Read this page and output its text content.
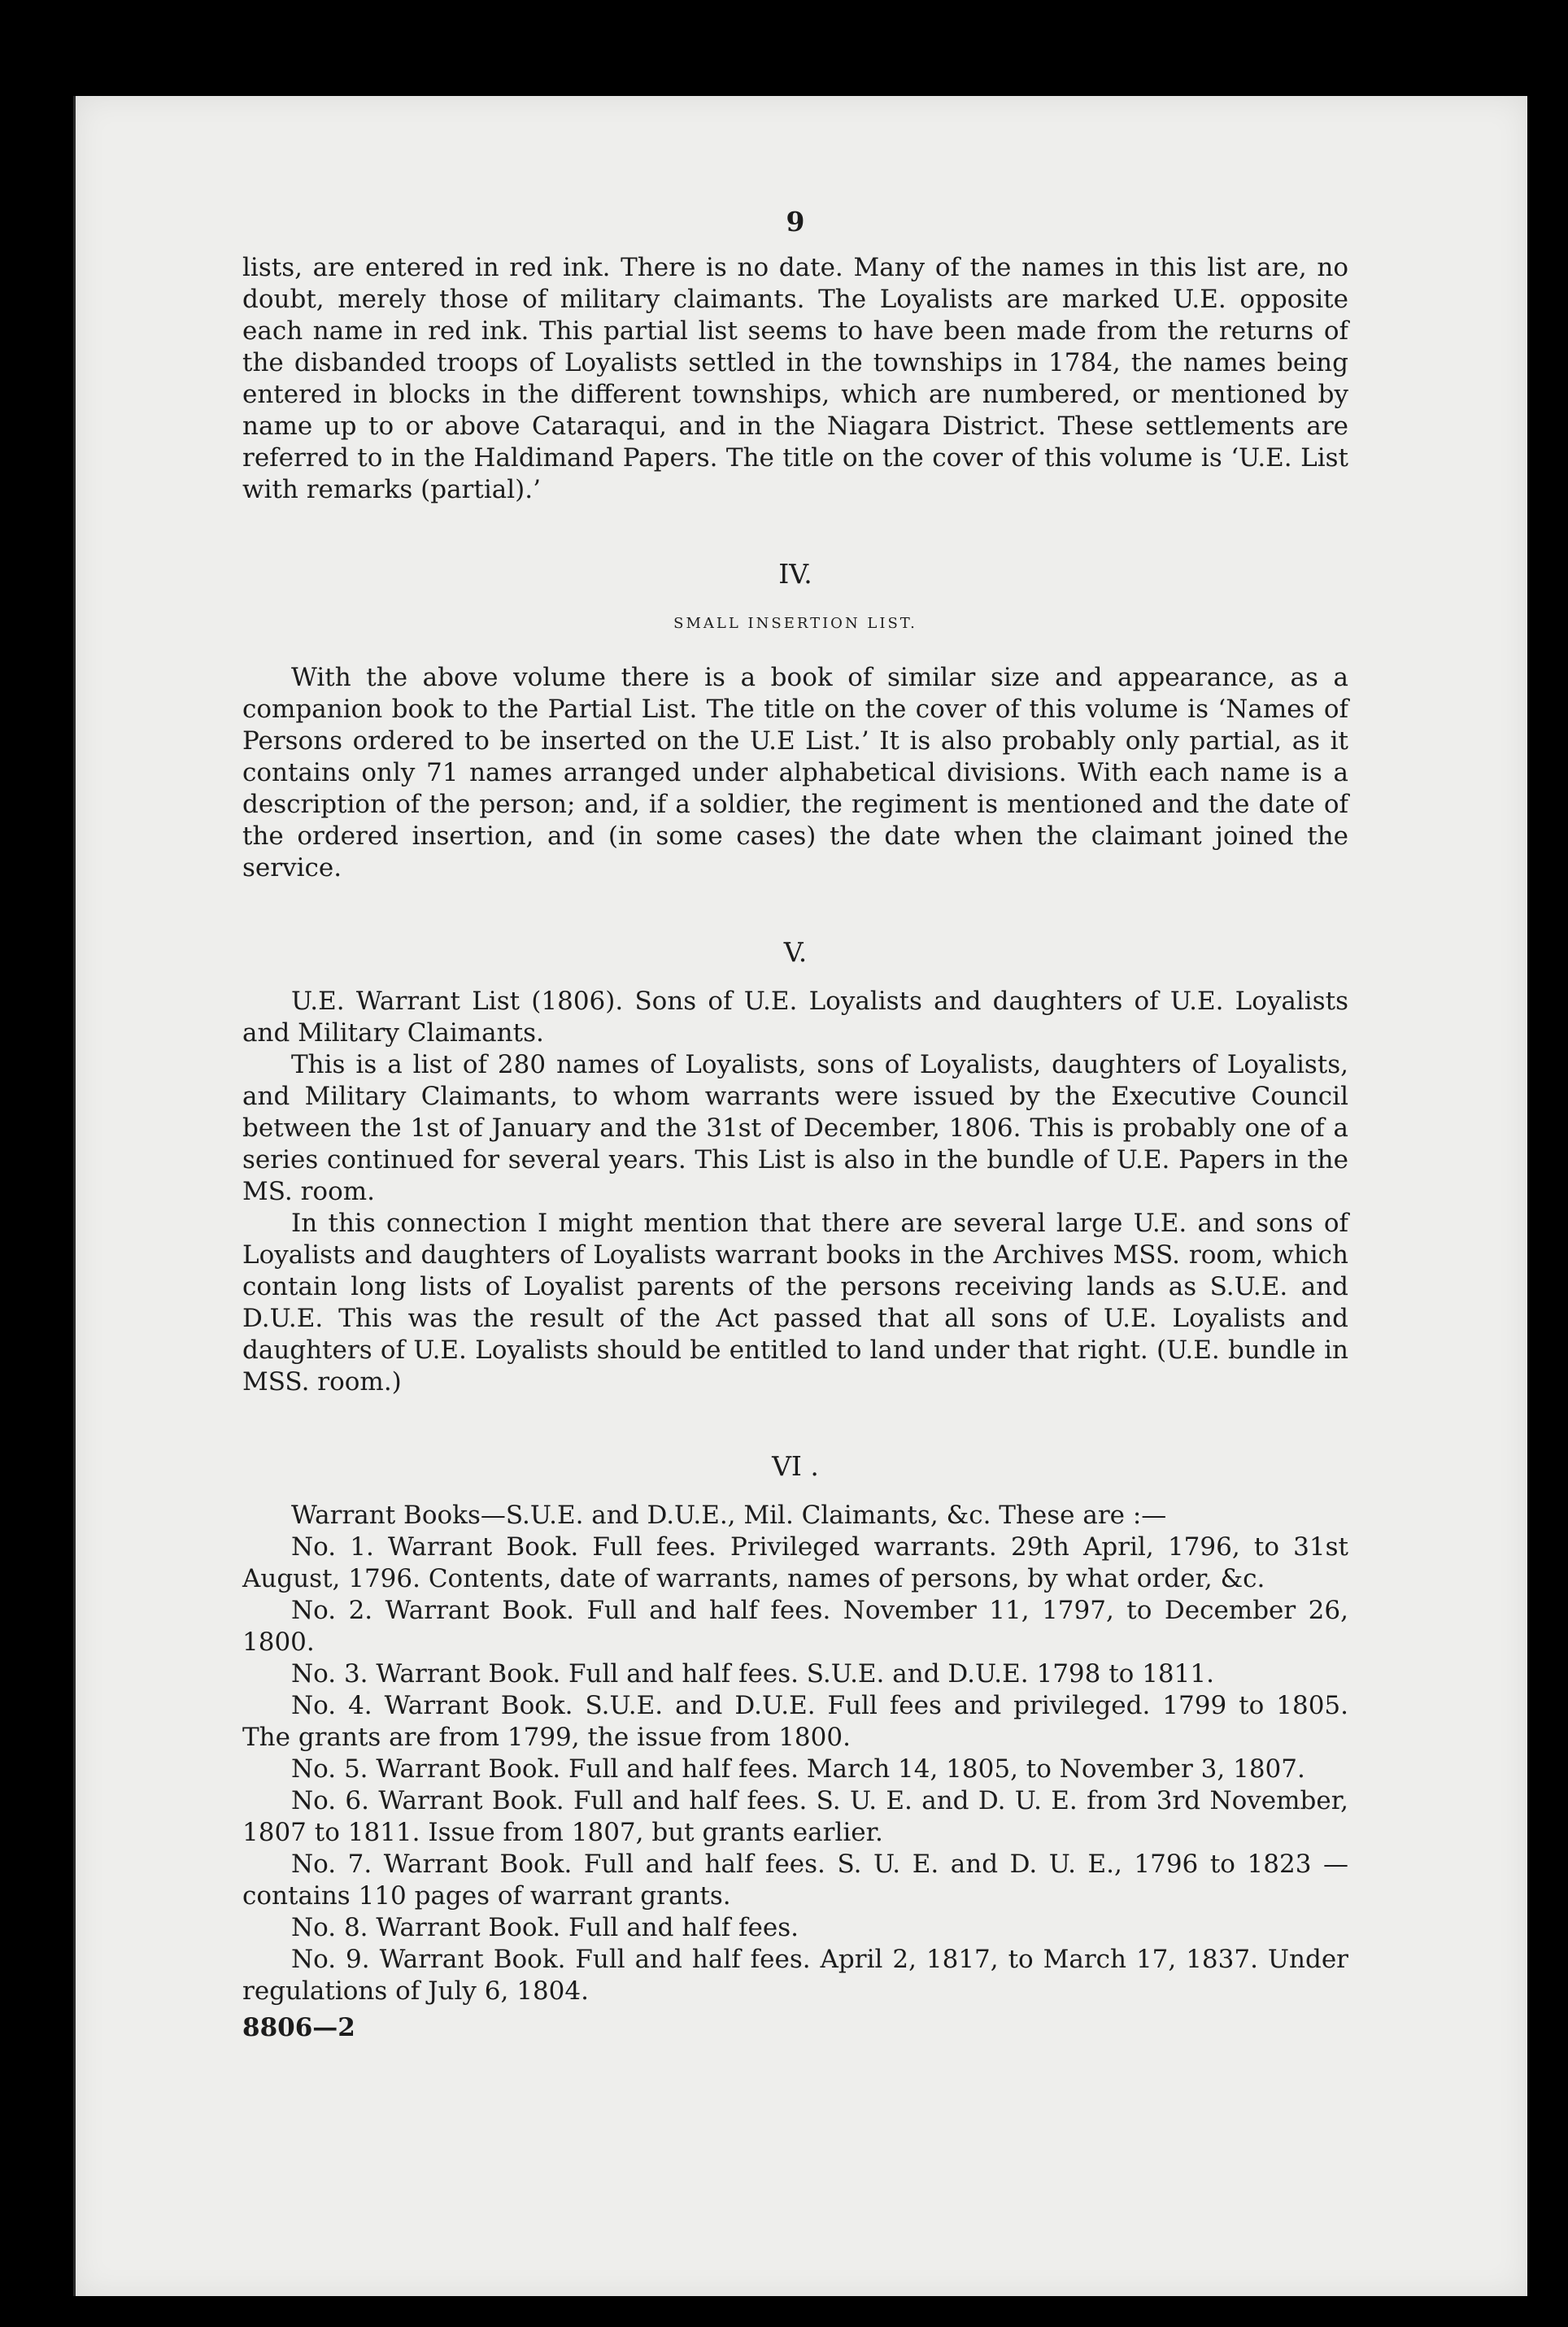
9

lists, are entered in red ink. There is no date. Many of the names in this list are, no doubt, merely those of military claimants. The Loyalists are marked U.E. opposite each name in red ink. This partial list seems to have been made from the returns of the disbanded troops of Loyalists settled in the townships in 1784, the names being entered in blocks in the different townships, which are numbered, or mentioned by name up to or above Cataraqui, and in the Niagara District. These settlements are referred to in the Haldimand Papers. The title on the cover of this volume is ‘U.E. List with remarks (partial).’

IV.
SMALL INSERTION LIST.

With the above volume there is a book of similar size and appearance, as a companion book to the Partial List. The title on the cover of this volume is ‘Names of Persons ordered to be inserted on the U.E List.’ It is also probably only partial, as it contains only 71 names arranged under alphabetical divisions. With each name is a description of the person; and, if a soldier, the regiment is mentioned and the date of the ordered insertion, and (in some cases) the date when the claimant joined the service.

V.

U.E. Warrant List (1806). Sons of U.E. Loyalists and daughters of U.E. Loyalists and Military Claimants.

This is a list of 280 names of Loyalists, sons of Loyalists, daughters of Loyalists, and Military Claimants, to whom warrants were issued by the Executive Council between the 1st of January and the 31st of December, 1806. This is probably one of a series continued for several years. This List is also in the bundle of U.E. Papers in the MS. room.

In this connection I might mention that there are several large U.E. and sons of Loyalists and daughters of Loyalists warrant books in the Archives MSS. room, which contain long lists of Loyalist parents of the persons receiving lands as S.U.E. and D.U.E. This was the result of the Act passed that all sons of U.E. Loyalists and daughters of U.E. Loyalists should be entitled to land under that right. (U.E. bundle in MSS. room.)

VI .

Warrant Books—S.U.E. and D.U.E., Mil. Claimants, &c. These are :—

No. 1. Warrant Book. Full fees. Privileged warrants. 29th April, 1796, to 31st August, 1796. Contents, date of warrants, names of persons, by what order, &c.

No. 2. Warrant Book. Full and half fees. November 11, 1797, to December 26, 1800.

No. 3. Warrant Book. Full and half fees. S.U.E. and D.U.E. 1798 to 1811.

No. 4. Warrant Book. S.U.E. and D.U.E. Full fees and privileged. 1799 to 1805. The grants are from 1799, the issue from 1800.

No. 5. Warrant Book. Full and half fees. March 14, 1805, to November 3, 1807.

No. 6. Warrant Book. Full and half fees. S. U. E. and D. U. E. from 3rd November, 1807 to 1811. Issue from 1807, but grants earlier.

No. 7. Warrant Book. Full and half fees. S. U. E. and D. U. E., 1796 to 1823 —contains 110 pages of warrant grants.

No. 8. Warrant Book. Full and half fees.

No. 9. Warrant Book. Full and half fees. April 2, 1817, to March 17, 1837. Under regulations of July 6, 1804.

8806—2
